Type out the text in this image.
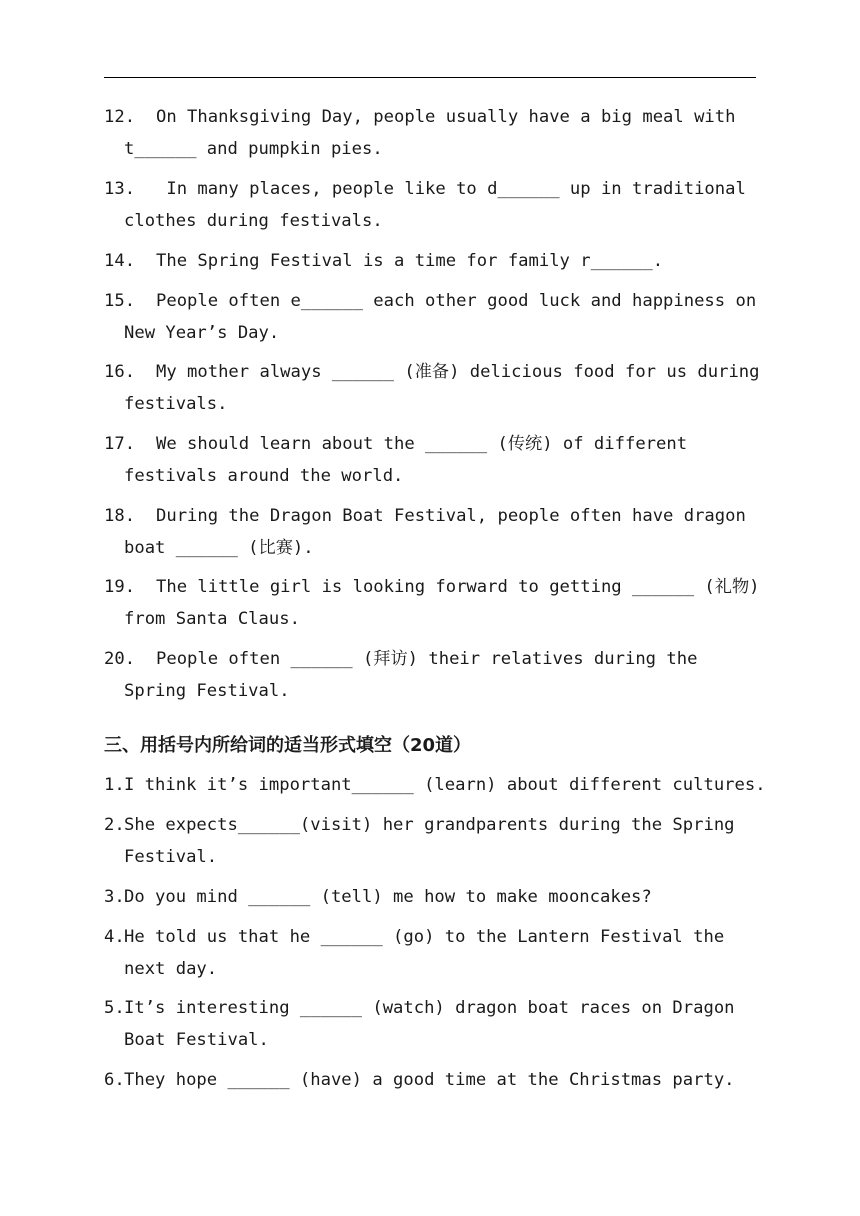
12. On Thanksgiving Day, people usually have a big meal with
t______ and pumpkin pies.
13. In many places, people like to d______ up in traditional
clothes during festivals.
14. The Spring Festival is a time for family r______.
15. People often e______ each other good luck and happiness on
New Year’s Day.
16. My mother always ______ (准备) delicious food for us during
festivals.
17. We should learn about the ______ (传统) of different
festivals around the world.
18. During the Dragon Boat Festival, people often have dragon
boat ______ (比赛).
19. The little girl is looking forward to getting ______ (礼物)
from Santa Claus.
20. People often ______ (拜访) their relatives during the
Spring Festival.
三、用括号内所给词的适当形式填空（20道）
1.I think it’s important______ (learn) about different cultures.
2.She expects______(visit) her grandparents during the Spring
Festival.
3.Do you mind ______ (tell) me how to make mooncakes?
4.He told us that he ______ (go) to the Lantern Festival the
next day.
5.It’s interesting ______ (watch) dragon boat races on Dragon
Boat Festival.
6.They hope ______ (have) a good time at the Christmas party.
